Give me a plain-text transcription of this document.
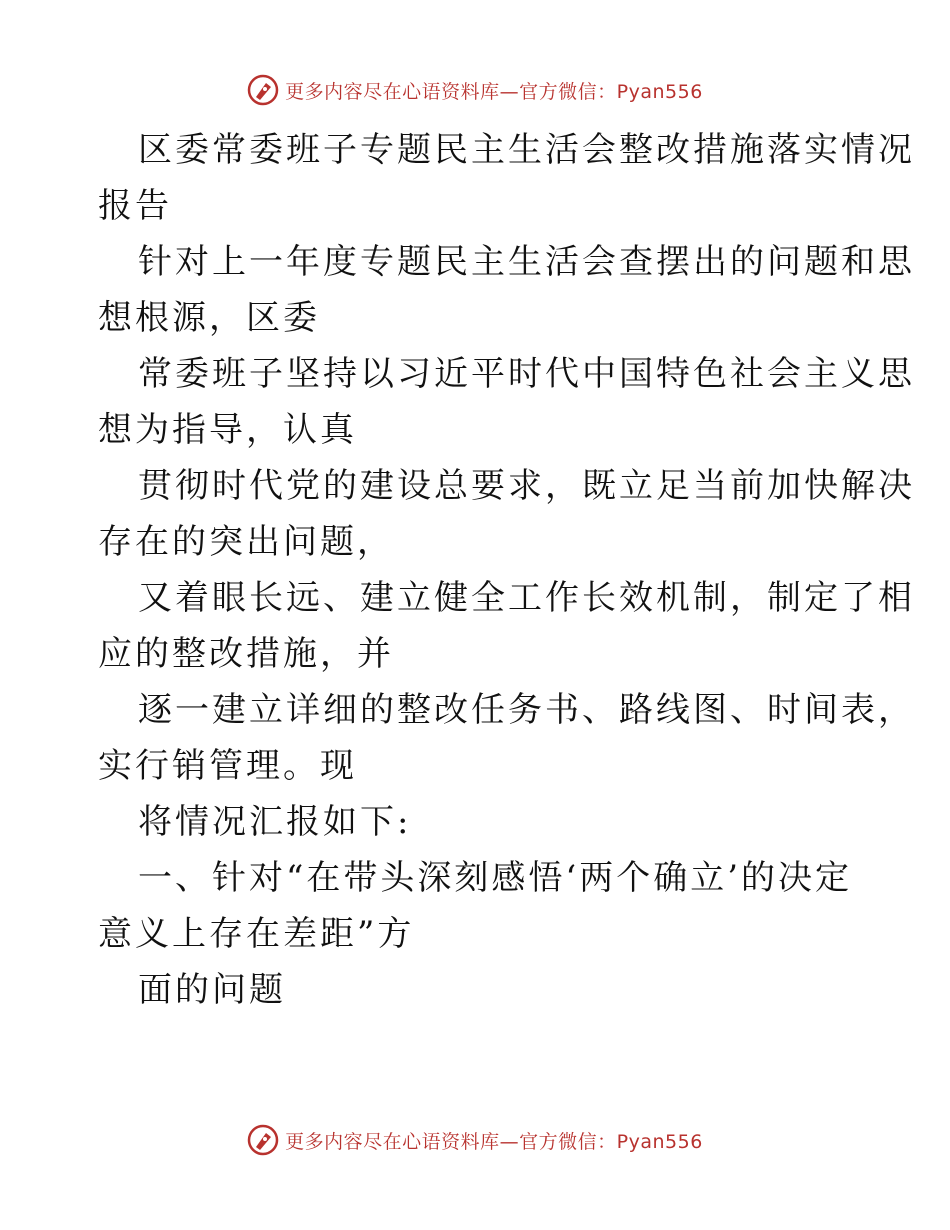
更多内容尽在心语资料库—官方微信：Pyan556
区委常委班子专题民主生活会整改措施落实情况
报告
针对上一年度专题民主生活会查摆出的问题和思
想根源，区委
常委班子坚持以习近平时代中国特色社会主义思
想为指导，认真
贯彻时代党的建设总要求，既立足当前加快解决
存在的突出问题，
又着眼长远、建立健全工作长效机制，制定了相
应的整改措施，并
逐一建立详细的整改任务书、路线图、时间表，
实行销管理。现
将情况汇报如下:
一、针对“在带头深刻感悟‘两个确立’的决定
意义上存在差距”方
面的问题
更多内容尽在心语资料库—官方微信：Pyan556
